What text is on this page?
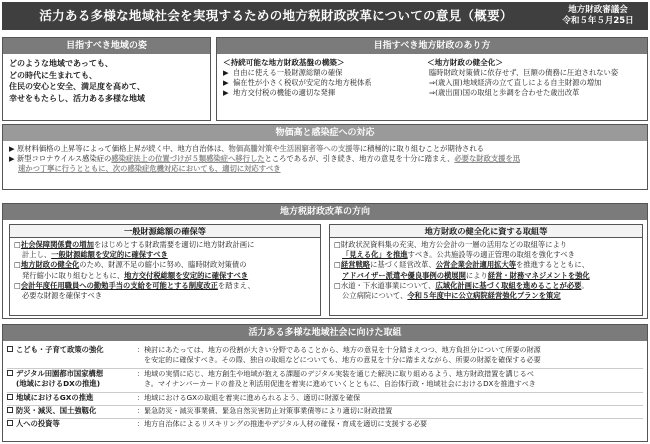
活力ある多様な地域社会を実現するための地方税財政改革についての意見（概要）	地方財政審議会
令和５年５月25日
目指すべき地域の姿
どのような地域であっても、
どの時代に生まれても、
住民の安心と安全、満足度を高めて、
幸せをもたらし、活力ある多様な地域
目指すべき地方財政のあり方
＜持続可能な地方財政基盤の構築＞
▶ 自由に使える一般財源総額の確保
▶ 偏在性が小さく税収が安定的な地方税体系
▶ 地方交付税の機能の適切な発揮
＜地方財政の健全化＞
臨時財政対策債に依存せず、巨額の債務に圧迫されない姿
⇒(歳入面)地域経済の立て直しによる自主財源の増加
⇒(歳出面)国の取組と歩調を合わせた歳出改革
物価高と感染症への対応
▶ 原材料価格の上昇等によって価格上昇が続く中、地方自治体は、物価高騰対策や生活困窮者等への支援等に積極的に取り組むことが期待される
▶ 新型コロナウイルス感染症の感染症法上の位置づけが５類感染症へ移行したところであるが、引き続き、地方の意見を十分に踏まえ、必要な財政支援を迅
速かつ丁寧に行うとともに、次の感染症危機対応においても、適切に対応すべき
地方税財政改革の方向
一般財源総額の確保等
□社会保障関係費の増加をはじめとする財政需要を適切に地方財政計画に
計上し、一般財源総額を安定的に確保すべき
□地方財政の健全化のため、財源不足の縮小に努め、臨時財政対策債の
発行縮小に取り組むとともに、地方交付税総額を安定的に確保すべき
□会計年度任用職員への勤勉手当の支給を可能とする制度改正を踏まえ、
必要な財源を確保すべき
地方財政の健全化に資する取組等
□財政状況資料集の充実、地方公会計の一層の活用などの取組等により
「見える化」を推進すべき。公共施設等の適正管理の取組を強化すべき
□経営戦略に基づく経営改革、公営企業会計適用拡大等を推進するとともに、
アドバイザー派遣や優良事例の横展開により経営・財務マネジメントを強化
□水道・下水道事業について、広域化計画に基づく取組を進めることが必要。
公立病院について、令和５年度中に公立病院経営強化プランを策定
活力ある多様な地域社会に向けた取組
こども・子育て政策の強化	：検討にあたっては、地方の役割が大きい分野であることから、地方の意見を十分踏まえつつ、地方負担分について所要の財源
を安定的に確保すべき。その際、独自の取組などについても、地方の意見を十分に踏まえながら、所要の財源を確保する必要
デジタル田園都市国家構想
(地域におけるDXの推進)
：地域の実情に応じ、地方創生や地域が抱える課題のデジタル実装を通じた解決に取り組めるよう、地方財政措置を講じるべ
き。マイナンバーカードの普及と利活用促進を着実に進めていくとともに、自治体行政・地域社会におけるDXを推進すべき
地域におけるGXの推進	：地域におけるGXの取組を着実に進められるよう、適切に財源を確保
防災・減災、国土強靱化	：緊急防災・減災事業債、緊急自然災害防止対策事業債等により適切に財政措置
人への投資等	：地方自治体によるリスキリングの推進やデジタル人材の確保・育成を適切に支援する必要
